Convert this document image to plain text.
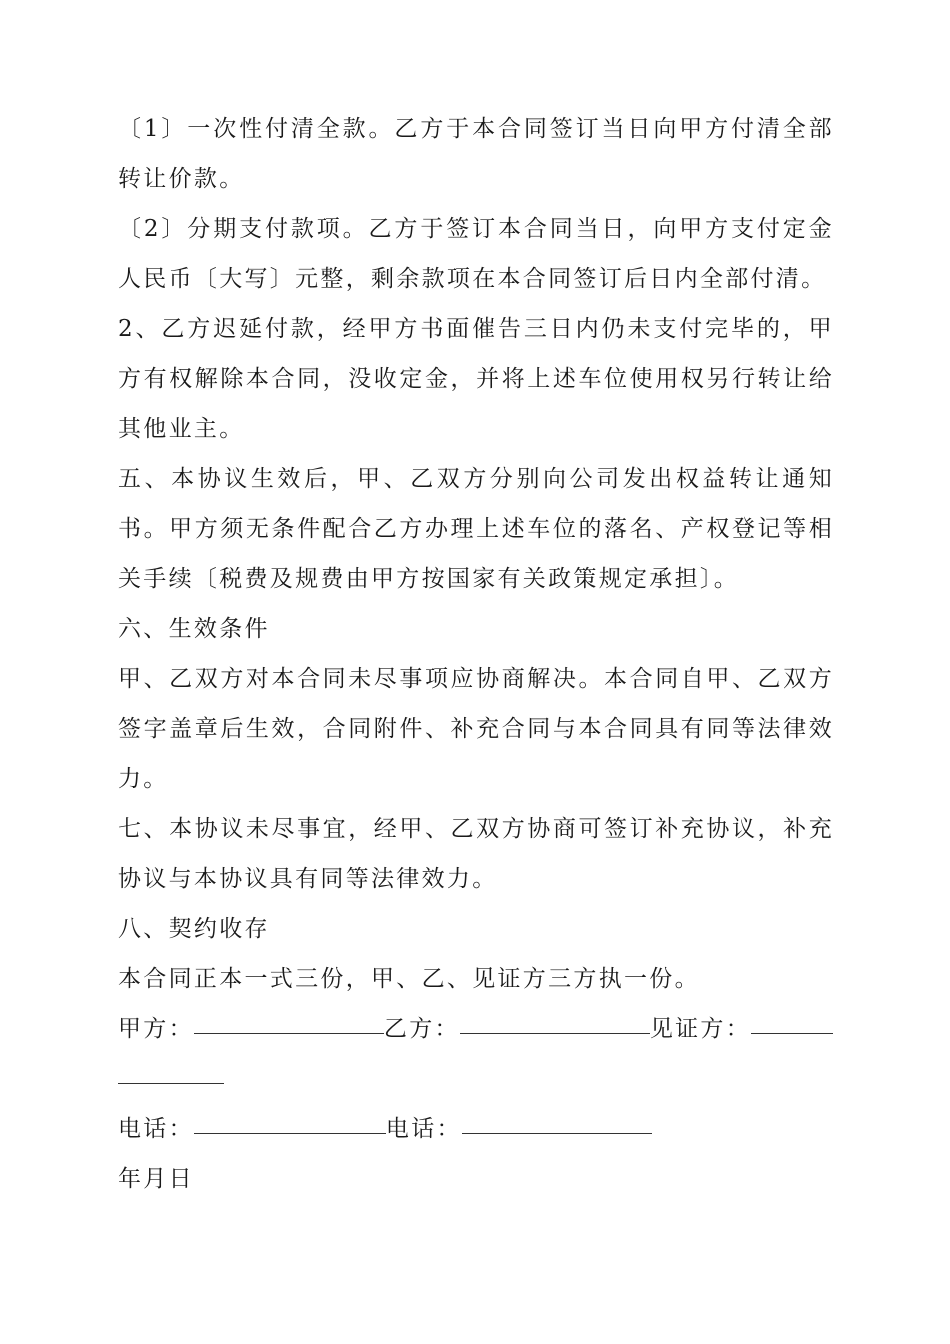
〔1〕一次性付清全款。乙方于本合同签订当日向甲方付清全部转让价款。

〔2〕分期支付款项。乙方于签订本合同当日，向甲方支付定金人民币〔大写〕元整，剩余款项在本合同签订后日内全部付清。

2、乙方迟延付款，经甲方书面催告三日内仍未支付完毕的，甲方有权解除本合同，没收定金，并将上述车位使用权另行转让给其他业主。

五、本协议生效后，甲、乙双方分别向公司发出权益转让通知书。甲方须无条件配合乙方办理上述车位的落名、产权登记等相关手续〔税费及规费由甲方按国家有关政策规定承担〕。

六、生效条件

甲、乙双方对本合同未尽事项应协商解决。本合同自甲、乙双方签字盖章后生效，合同附件、补充合同与本合同具有同等法律效力。

七、本协议未尽事宜，经甲、乙双方协商可签订补充协议，补充协议与本协议具有同等法律效力。

八、契约收存

本合同正本一式三份，甲、乙、见证方三方执一份。

甲方：	乙方：	见证方：

电话：	电话：

年月日
